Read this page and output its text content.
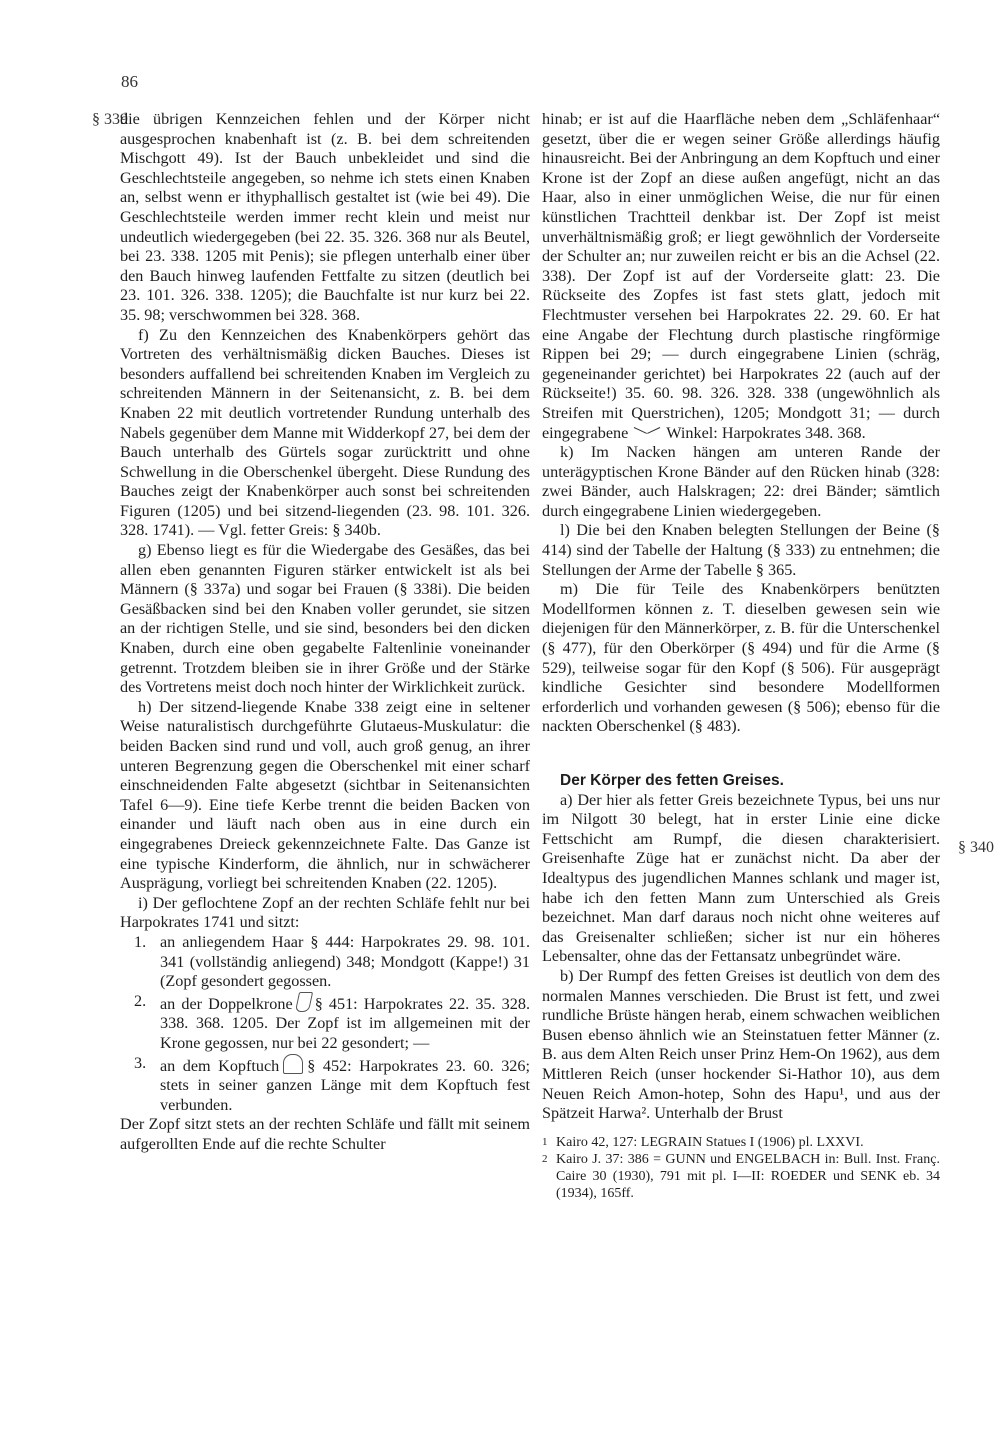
86
§ 339
§ 340

die übrigen Kennzeichen fehlen und der Körper nicht ausgesprochen knabenhaft ist (z. B. bei dem schreitenden Mischgott 49). Ist der Bauch unbekleidet und sind die Geschlechtsteile angegeben, so nehme ich stets einen Knaben an, selbst wenn er ithyphallisch gestaltet ist (wie bei 49). Die Geschlechtsteile werden immer recht klein und meist nur undeutlich wiedergegeben (bei 22. 35. 326. 368 nur als Beutel, bei 23. 338. 1205 mit Penis); sie pflegen unterhalb einer über den Bauch hinweg laufenden Fettfalte zu sitzen (deutlich bei 23. 101. 326. 338. 1205); die Bauchfalte ist nur kurz bei 22. 35. 98; verschwommen bei 328. 368.

f) Zu den Kennzeichen des Knabenkörpers gehört das Vortreten des verhältnismäßig dicken Bauches. Dieses ist besonders auffallend bei schreitenden Knaben im Vergleich zu schreitenden Männern in der Seitenansicht, z. B. bei dem Knaben 22 mit deutlich vortretender Rundung unterhalb des Nabels gegenüber dem Manne mit Widderkopf 27, bei dem der Bauch unterhalb des Gürtels sogar zurücktritt und ohne Schwellung in die Oberschenkel übergeht. Diese Rundung des Bauches zeigt der Knabenkörper auch sonst bei schreitenden Figuren (1205) und bei sitzend-liegenden (23. 98. 101. 326. 328. 1741). — Vgl. fetter Greis: § 340b.

g) Ebenso liegt es für die Wiedergabe des Gesäßes, das bei allen eben genannten Figuren stärker entwickelt ist als bei Männern (§ 337a) und sogar bei Frauen (§ 338i). Die beiden Gesäßbacken sind bei den Knaben voller gerundet, sie sitzen an der richtigen Stelle, und sie sind, besonders bei den dicken Knaben, durch eine oben gegabelte Faltenlinie voneinander getrennt. Trotzdem bleiben sie in ihrer Größe und der Stärke des Vortretens meist doch noch hinter der Wirklichkeit zurück.

h) Der sitzend-liegende Knabe 338 zeigt eine in seltener Weise naturalistisch durchgeführte Glutaeus-Muskulatur: die beiden Backen sind rund und voll, auch groß genug, an ihrer unteren Begrenzung gegen die Oberschenkel mit einer scharf einschneidenden Falte abgesetzt (sichtbar in Seitenansichten Tafel 6—9). Eine tiefe Kerbe trennt die beiden Backen von einander und läuft nach oben aus in eine durch ein eingegrabenes Dreieck gekennzeichnete Falte. Das Ganze ist eine typische Kinderform, die ähnlich, nur in schwächerer Ausprägung, vorliegt bei schreitenden Knaben (22. 1205).

i) Der geflochtene Zopf an der rechten Schläfe fehlt nur bei Harpokrates 1741 und sitzt:

1. an anliegendem Haar § 444: Harpokrates 29. 98. 101. 341 (vollständig anliegend) 348; Mondgott (Kappe!) 31 (Zopf gesondert gegossen.

2. an der Doppelkrone § 451: Harpokrates 22. 35. 328. 338. 368. 1205. Der Zopf ist im allgemeinen mit der Krone gegossen, nur bei 22 gesondert; —

3. an dem Kopftuch § 452: Harpokrates 23. 60. 326; stets in seiner ganzen Länge mit dem Kopftuch fest verbunden.

Der Zopf sitzt stets an der rechten Schläfe und fällt mit seinem aufgerollten Ende auf die rechte Schulter

hinab; er ist auf die Haarfläche neben dem „Schläfenhaar“ gesetzt, über die er wegen seiner Größe allerdings häufig hinausreicht. Bei der Anbringung an dem Kopftuch und einer Krone ist der Zopf an diese außen angefügt, nicht an das Haar, also in einer unmöglichen Weise, die nur für einen künstlichen Trachtteil denkbar ist. Der Zopf ist meist unverhältnismäßig groß; er liegt gewöhnlich der Vorderseite der Schulter an; nur zuweilen reicht er bis an die Achsel (22. 338). Der Zopf ist auf der Vorderseite glatt: 23. Die Rückseite des Zopfes ist fast stets glatt, jedoch mit Flechtmuster versehen bei Harpokrates 22. 29. 60. Er hat eine Angabe der Flechtung durch plastische ringförmige Rippen bei 29; — durch eingegrabene Linien (schräg, gegeneinander gerichtet) bei Harpokrates 22 (auch auf der Rückseite!) 35. 60. 98. 326. 328. 338 (ungewöhnlich als Streifen mit Querstrichen), 1205; Mondgott 31; — durch eingegrabene Winkel: Harpokrates 348. 368.

k) Im Nacken hängen am unteren Rande der unterägyptischen Krone Bänder auf den Rücken hinab (328: zwei Bänder, auch Halskragen; 22: drei Bänder; sämtlich durch eingegrabene Linien wiedergegeben.

l) Die bei den Knaben belegten Stellungen der Beine (§ 414) sind der Tabelle der Haltung (§ 333) zu entnehmen; die Stellungen der Arme der Tabelle § 365.

m) Die für Teile des Knabenkörpers benützten Modellformen können z. T. dieselben gewesen sein wie diejenigen für den Männerkörper, z. B. für die Unterschenkel (§ 477), für den Oberkörper (§ 494) und für die Arme (§ 529), teilweise sogar für den Kopf (§ 506). Für ausgeprägt kindliche Gesichter sind besondere Modellformen erforderlich und vorhanden gewesen (§ 506); ebenso für die nackten Oberschenkel (§ 483).

Der Körper des fetten Greises.

a) Der hier als fetter Greis bezeichnete Typus, bei uns nur im Nilgott 30 belegt, hat in erster Linie eine dicke Fettschicht am Rumpf, die diesen charakterisiert. Greisenhafte Züge hat er zunächst nicht. Da aber der Idealtypus des jugendlichen Mannes schlank und mager ist, habe ich den fetten Mann zum Unterschied als Greis bezeichnet. Man darf daraus noch nicht ohne weiteres auf das Greisenalter schließen; sicher ist nur ein höheres Lebensalter, ohne das der Fettansatz unbegründet wäre.

b) Der Rumpf des fetten Greises ist deutlich von dem des normalen Mannes verschieden. Die Brust ist fett, und zwei rundliche Brüste hängen herab, einem schwachen weiblichen Busen ebenso ähnlich wie an Steinstatuen fetter Männer (z. B. aus dem Alten Reich unser Prinz Hem-On 1962), aus dem Mittleren Reich (unser hockender Si-Hathor 10), aus dem Neuen Reich Amon-hotep, Sohn des Hapu¹, und aus der Spätzeit Harwa². Unterhalb der Brust

1 Kairo 42, 127: LEGRAIN Statues I (1906) pl. LXXVI.

2 Kairo J. 37: 386 = GUNN und ENGELBACH in: Bull. Inst. Franç. Caire 30 (1930), 791 mit pl. I—II: ROEDER und SENK eb. 34 (1934), 165ff.
